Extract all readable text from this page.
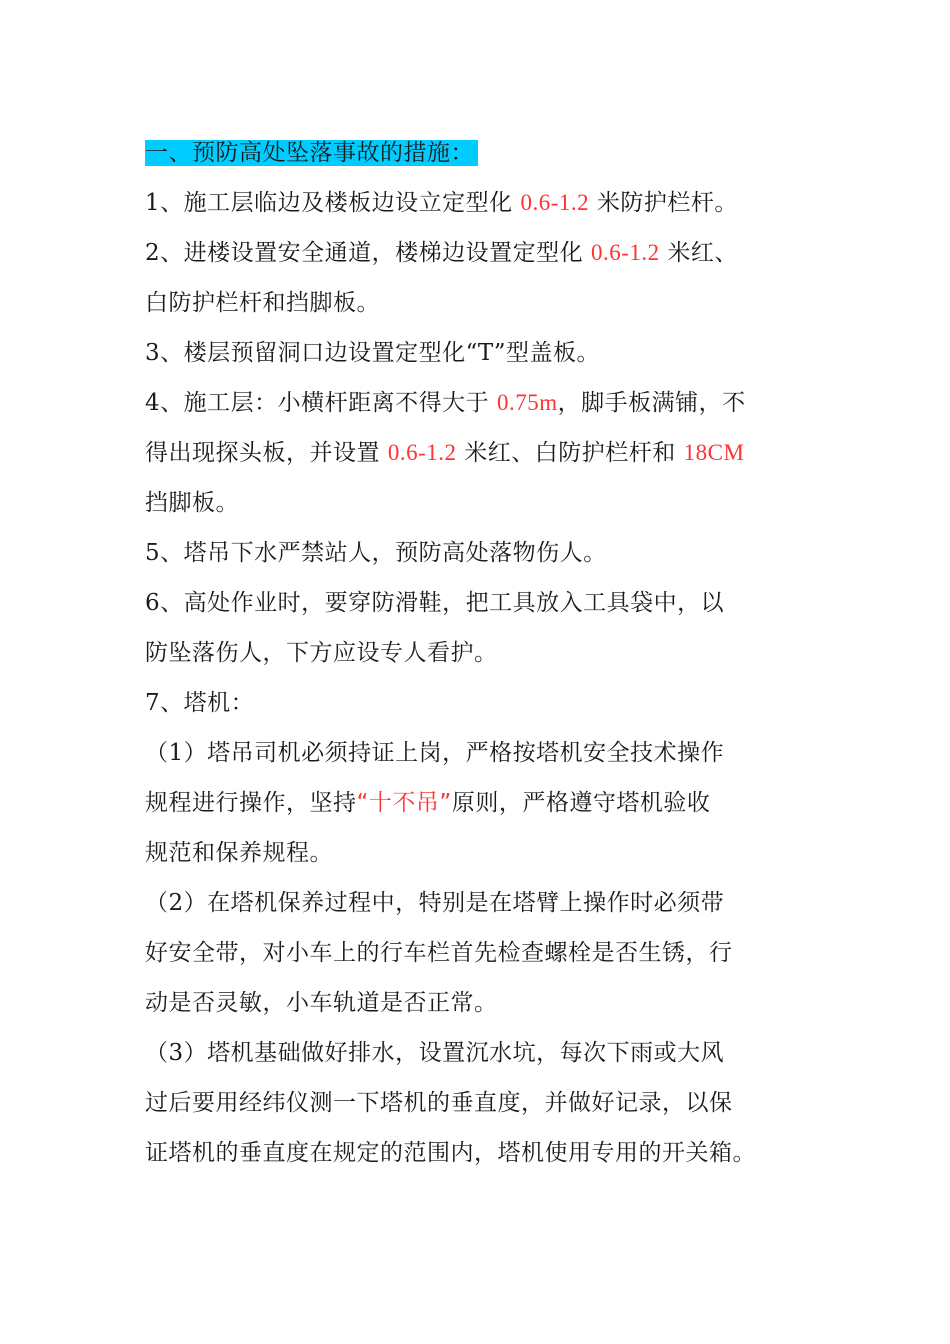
一、预防高处坠落事故的措施：
1、施工层临边及楼板边设立定型化 0.6-1.2 米防护栏杆。
2、进楼设置安全通道，楼梯边设置定型化 0.6-1.2 米红、
白防护栏杆和挡脚板。
3、楼层预留洞口边设置定型化“T”型盖板。
4、施工层：小横杆距离不得大于 0.75m，脚手板满铺，不
得出现探头板，并设置 0.6-1.2 米红、白防护栏杆和 18CM
挡脚板。
5、塔吊下水严禁站人，预防高处落物伤人。
6、高处作业时，要穿防滑鞋，把工具放入工具袋中，以
防坠落伤人，下方应设专人看护。
7、塔机：
（1）塔吊司机必须持证上岗，严格按塔机安全技术操作
规程进行操作，坚持“十不吊”原则，严格遵守塔机验收
规范和保养规程。
（2）在塔机保养过程中，特别是在塔臂上操作时必须带
好安全带，对小车上的行车栏首先检查螺栓是否生锈，行
动是否灵敏，小车轨道是否正常。
（3）塔机基础做好排水，设置沉水坑，每次下雨或大风
过后要用经纬仪测一下塔机的垂直度，并做好记录，以保
证塔机的垂直度在规定的范围内，塔机使用专用的开关箱。
